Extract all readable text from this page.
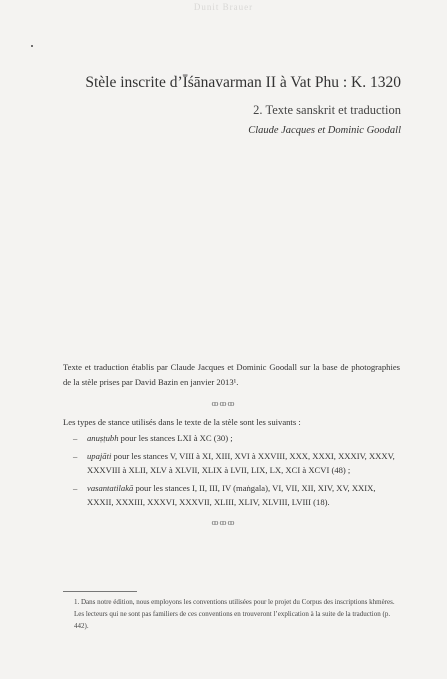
Dunit Brauer
Stèle inscrite d’Īśānavarman II à Vat Phu : K. 1320
2. Texte sanskrit et traduction
Claude Jacques et Dominic Goodall
Texte et traduction établis par Claude Jacques et Dominic Goodall sur la base de photographies de la stèle prises par David Bazin en janvier 2013¹.
ꝏꝏꝏ
Les types de stance utilisés dans le texte de la stèle sont les suivants :
– anuṣṭubh pour les stances LXI à XC (30) ;
– upajāti pour les stances V, VIII à XI, XIII, XVI à XXVIII, XXX, XXXI, XXXIV, XXXV, XXXVIII à XLII, XLV à XLVII, XLIX à LVII, LIX, LX, XCI à XCVI (48) ;
– vasantatilakā pour les stances I, II, III, IV (maṅgala), VI, VII, XII, XIV, XV, XXIX, XXXII, XXXIII, XXXVI, XXXVII, XLIII, XLIV, XLVIII, LVIII (18).
ꝏꝏꝏ
1. Dans notre édition, nous employons les conventions utilisées pour le projet du Corpus des inscriptions khmères. Les lecteurs qui ne sont pas familiers de ces conventions en trouveront l’explication à la suite de la traduction (p. 442).
